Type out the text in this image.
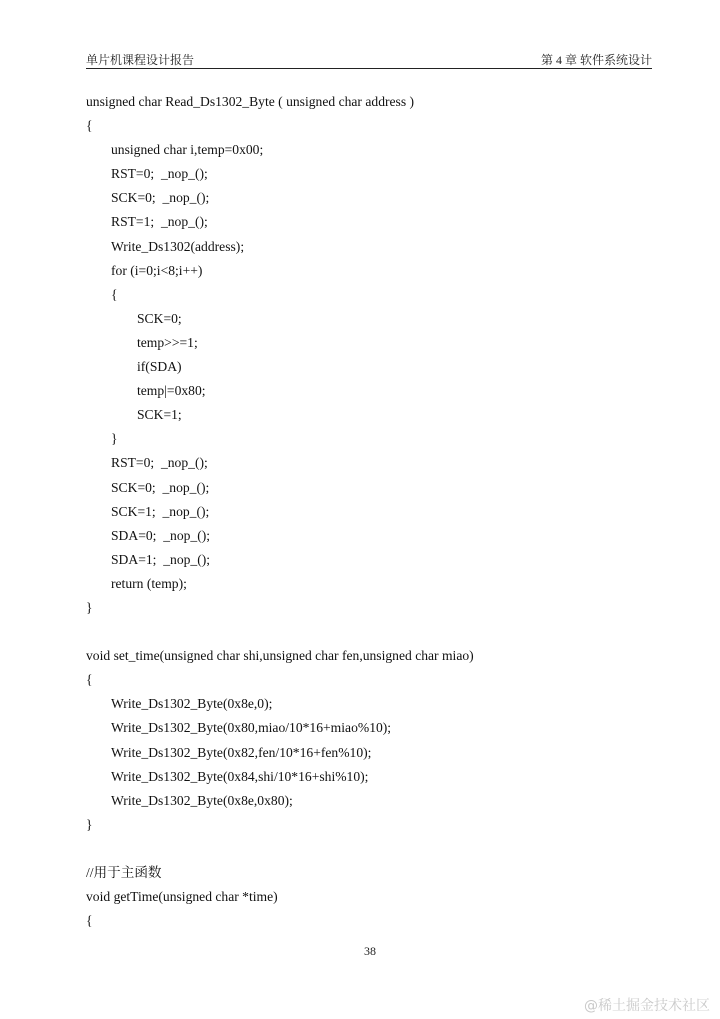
单片机课程设计报告	第 4 章 软件系统设计
unsigned char Read_Ds1302_Byte ( unsigned char address )
{
unsigned char i,temp=0x00;
RST=0;  _nop_();
SCK=0;  _nop_();
RST=1;  _nop_();
Write_Ds1302(address);
for (i=0;i<8;i++)
{
SCK=0;
temp>>=1;
if(SDA)
temp|=0x80;
SCK=1;
}
RST=0;  _nop_();
SCK=0;  _nop_();
SCK=1;  _nop_();
SDA=0;  _nop_();
SDA=1;  _nop_();
return (temp);
}
void set_time(unsigned char shi,unsigned char fen,unsigned char miao)
{
Write_Ds1302_Byte(0x8e,0);
Write_Ds1302_Byte(0x80,miao/10*16+miao%10);
Write_Ds1302_Byte(0x82,fen/10*16+fen%10);
Write_Ds1302_Byte(0x84,shi/10*16+shi%10);
Write_Ds1302_Byte(0x8e,0x80);
}
//用于主函数
void getTime(unsigned char *time)
{
38
@稀土掘金技术社区
